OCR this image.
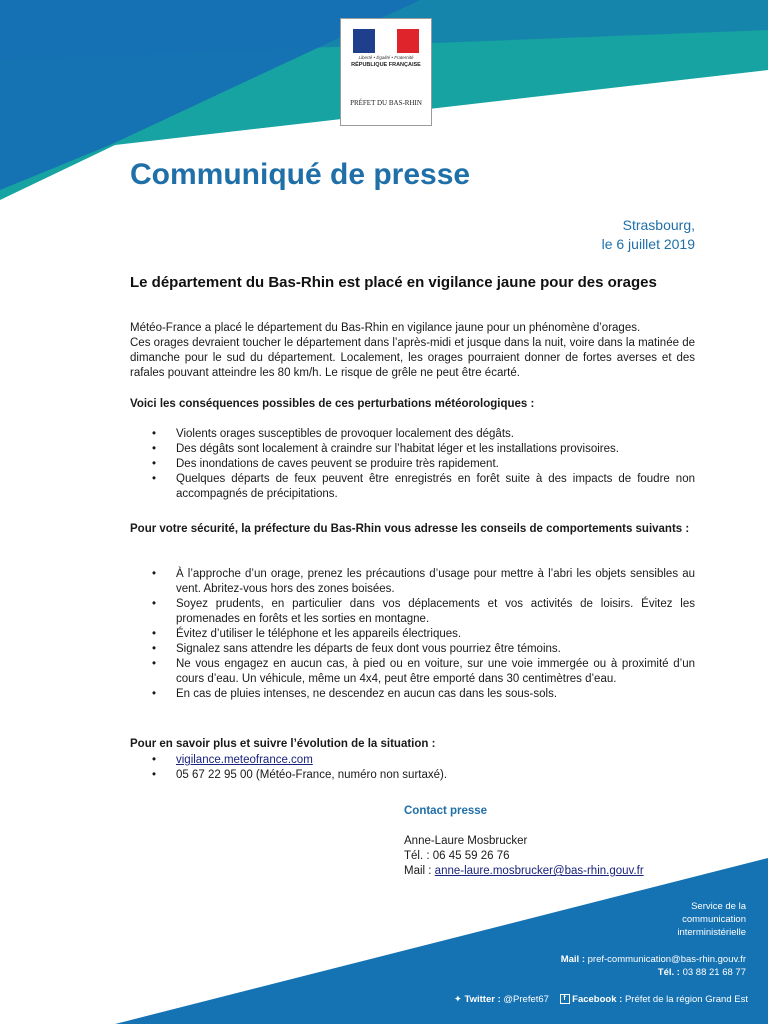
Liberté • Égalité • Fraternité
RÉPUBLIQUE FRANÇAISE
PRÉFET DU BAS-RHIN
Communiqué de presse
Strasbourg,
le 6 juillet 2019
Le département du Bas-Rhin est placé en vigilance jaune pour des orages
Météo-France a placé le département du Bas-Rhin en vigilance jaune pour un phénomène d’orages.
Ces orages devraient toucher le département dans l’après-midi et jusque dans la nuit, voire dans la matinée de dimanche pour le sud du département. Localement, les orages pourraient donner de fortes averses et des rafales pouvant atteindre les 80 km/h. Le risque de grêle ne peut être écarté.
Voici les conséquences possibles de ces perturbations météorologiques :
• Violents orages susceptibles de provoquer localement des dégâts.
• Des dégâts sont localement à craindre sur l’habitat léger et les installations provisoires.
• Des inondations de caves peuvent se produire très rapidement.
• Quelques départs de feux peuvent être enregistrés en forêt suite à des impacts de foudre non accompagnés de précipitations.
Pour votre sécurité, la préfecture du Bas-Rhin vous adresse les conseils de comportements suivants :
• À l’approche d’un orage, prenez les précautions d’usage pour mettre à l’abri les objets sensibles au vent. Abritez-vous hors des zones boisées.
• Soyez prudents, en particulier dans vos déplacements et vos activités de loisirs. Évitez les promenades en forêts et les sorties en montagne.
• Évitez d’utiliser le téléphone et les appareils électriques.
• Signalez sans attendre les départs de feux dont vous pourriez être témoins.
• Ne vous engagez en aucun cas, à pied ou en voiture, sur une voie immergée ou à proximité d’un cours d’eau. Un véhicule, même un 4x4, peut être emporté dans 30 centimètres d’eau.
• En cas de pluies intenses, ne descendez en aucun cas dans les sous-sols.
Pour en savoir plus et suivre l’évolution de la situation :
• vigilance.meteofrance.com
• 05 67 22 95 00 (Météo-France, numéro non surtaxé).
Contact presse
Anne-Laure Mosbrucker
Tél. : 06 45 59 26 76
Mail : anne-laure.mosbrucker@bas-rhin.gouv.fr
Service de la
communication
interministérielle
Mail : pref-communication@bas-rhin.gouv.fr
Tél. : 03 88 21 68 77
✦ Twitter : @Prefet67 f Facebook : Préfet de la région Grand Est
